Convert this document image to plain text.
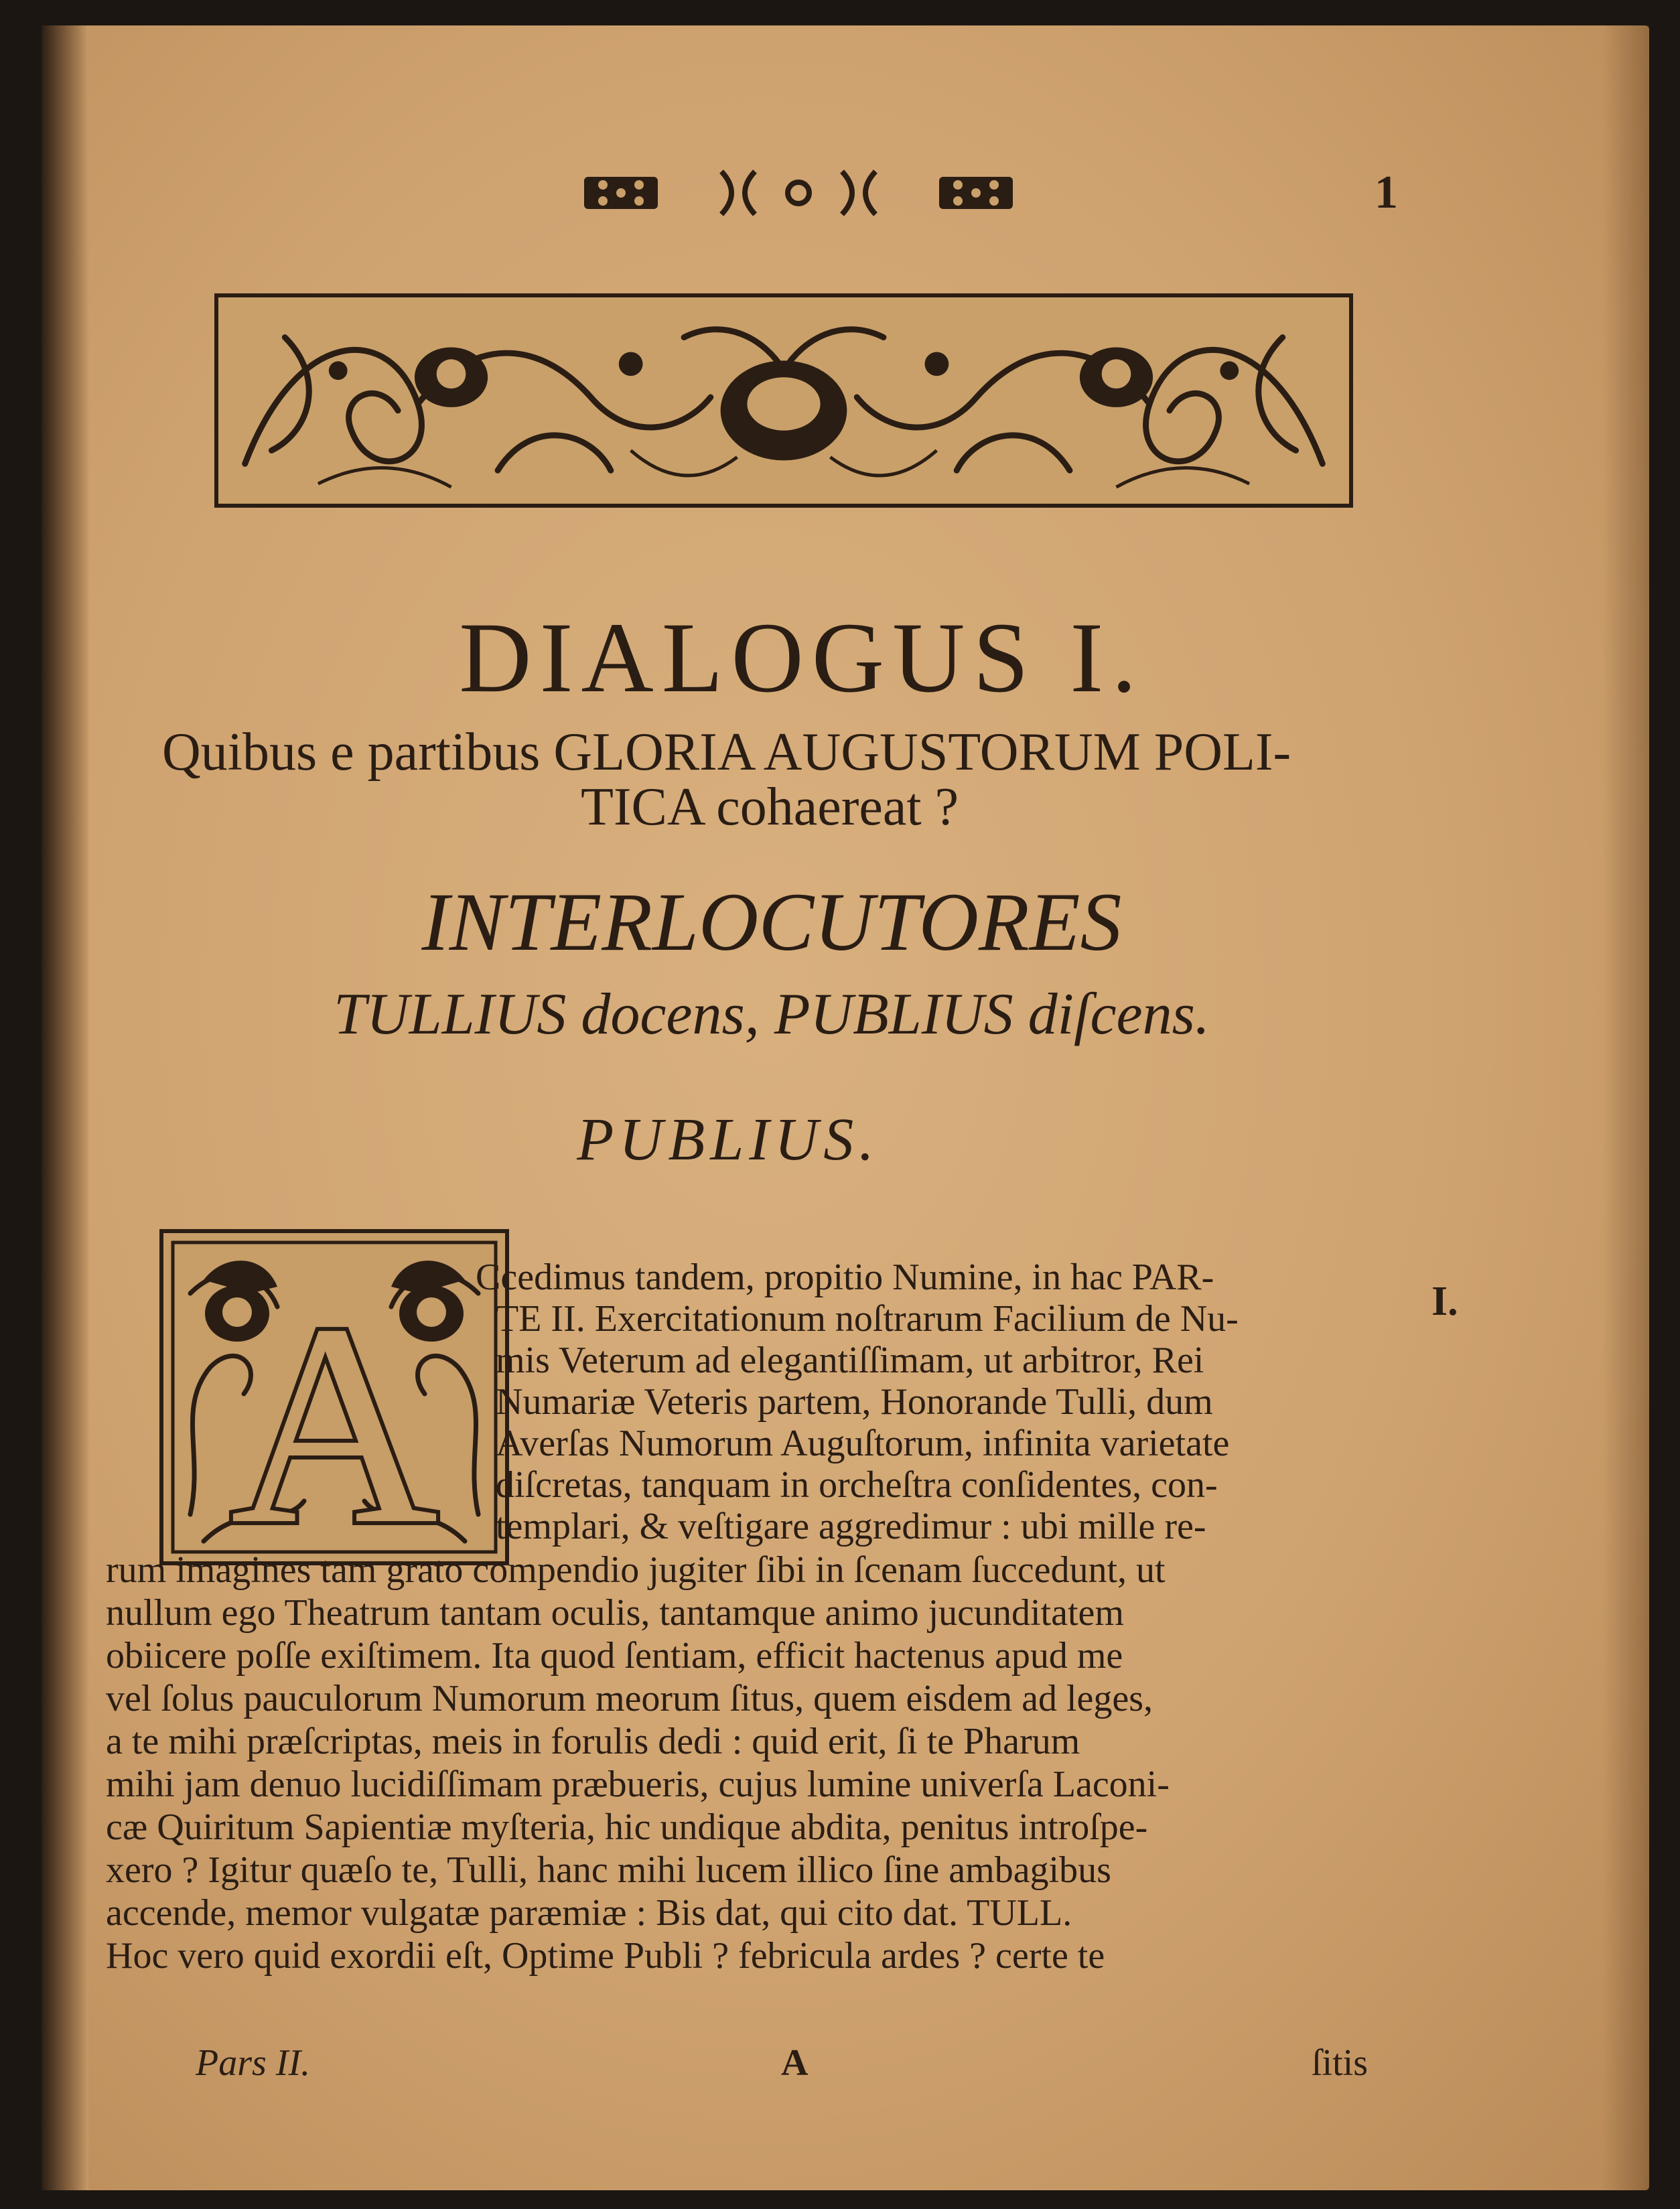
1
DIALOGUS I.
Quibus e partibus GLORIA AUGUSTORUM POLI-
TICA cohaereat ?
INTERLOCUTORES
TULLIUS docens, PUBLIUS diſcens.
PUBLIUS.
A	I.
Ccedimus tandem, propitio Numine, in hac PAR-
TE II. Exercitationum noſtrarum Facilium de Nu-
mis Veterum ad elegantiſſimam, ut arbitror, Rei
Numariæ Veteris partem, Honorande Tulli, dum
Averſas Numorum Auguſtorum, infinita varietate
diſcretas, tanquam in orcheſtra conſidentes, con-
templari, & veſtigare aggredimur : ubi mille re-
rum imagines tam grato compendio jugiter ſibi in ſcenam ſuccedunt, ut
nullum ego Theatrum tantam oculis, tantamque animo jucunditatem
obiicere poſſe exiſtimem. Ita quod ſentiam, efficit hactenus apud me
vel ſolus pauculorum Numorum meorum ſitus, quem eisdem ad leges,
a te mihi præſcriptas, meis in forulis dedi : quid erit, ſi te Pharum
mihi jam denuo lucidiſſimam præbueris, cujus lumine univerſa Laconi-
cæ Quiritum Sapientiæ myſteria, hic undique abdita, penitus introſpe-
xero ? Igitur quæſo te, Tulli, hanc mihi lucem illico ſine ambagibus
accende, memor vulgatæ paræmiæ : Bis dat, qui cito dat. TULL.
Hoc vero quid exordii eſt, Optime Publi ? febricula ardes ? certe te
Pars II.	A	ſitis
